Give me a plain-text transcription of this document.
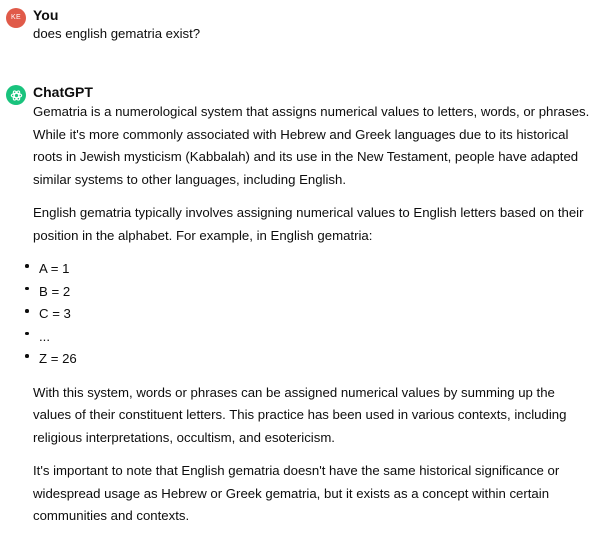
KE You
does english gematria exist?
ChatGPT

Gematria is a numerological system that assigns numerical values to letters, words, or phrases. While it's more commonly associated with Hebrew and Greek languages due to its historical roots in Jewish mysticism (Kabbalah) and its use in the New Testament, people have adapted similar systems to other languages, including English.

English gematria typically involves assigning numerical values to English letters based on their position in the alphabet. For example, in English gematria:

A = 1
B = 2
C = 3
...
Z = 26

With this system, words or phrases can be assigned numerical values by summing up the values of their constituent letters. This practice has been used in various contexts, including religious interpretations, occultism, and esotericism.

It's important to note that English gematria doesn't have the same historical significance or widespread usage as Hebrew or Greek gematria, but it exists as a concept within certain communities and contexts.
